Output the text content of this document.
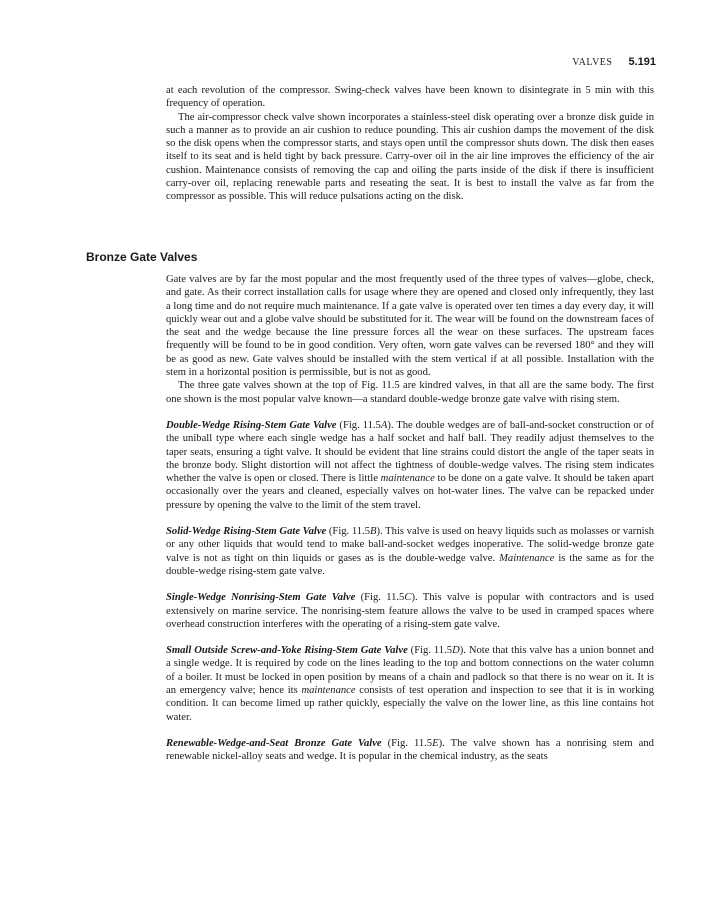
VALVES 5.191

at each revolution of the compressor. Swing-check valves have been known to disintegrate in 5 min with this frequency of operation.

The air-compressor check valve shown incorporates a stainless-steel disk operating over a bronze disk guide in such a manner as to provide an air cushion to reduce pounding. This air cushion damps the movement of the disk so the disk opens when the compressor starts, and stays open until the compressor shuts down. The disk then eases itself to its seat and is held tight by back pressure. Carry-over oil in the air line improves the efficiency of the air cushion. Maintenance consists of removing the cap and oiling the parts inside of the disk if there is insufficient carry-over oil, replacing renewable parts and reseating the seat. It is best to install the valve as far from the compressor as possible. This will reduce pulsations acting on the disk.

Bronze Gate Valves

Gate valves are by far the most popular and the most frequently used of the three types of valves—globe, check, and gate. As their correct installation calls for usage where they are opened and closed only infrequently, they last a long time and do not require much maintenance. If a gate valve is operated over ten times a day every day, it will quickly wear out and a globe valve should be substituted for it. The wear will be found on the downstream faces of the seat and the wedge because the line pressure forces all the wear on these surfaces. The upstream faces frequently will be found to be in good condition. Very often, worn gate valves can be reversed 180° and they will be as good as new. Gate valves should be installed with the stem vertical if at all possible. Installation with the stem in a horizontal position is permissible, but is not as good.

The three gate valves shown at the top of Fig. 11.5 are kindred valves, in that all are the same body. The first one shown is the most popular valve known—a standard double-wedge bronze gate valve with rising stem.

Double-Wedge Rising-Stem Gate Valve (Fig. 11.5A). The double wedges are of ball-and-socket construction or of the uniball type where each single wedge has a half socket and half ball. They readily adjust themselves to the taper seats, ensuring a tight valve. It should be evident that line strains could distort the angle of the taper seats in the bronze body. Slight distortion will not affect the tightness of double-wedge valves. The rising stem indicates whether the valve is open or closed. There is little maintenance to be done on a gate valve. It should be taken apart occasionally over the years and cleaned, especially valves on hot-water lines. The valve can be repacked under pressure by opening the valve to the limit of the stem travel.

Solid-Wedge Rising-Stem Gate Valve (Fig. 11.5B). This valve is used on heavy liquids such as molasses or varnish or any other liquids that would tend to make ball-and-socket wedges inoperative. The solid-wedge bronze gate valve is not as tight on thin liquids or gases as is the double-wedge valve. Maintenance is the same as for the double-wedge rising-stem gate valve.

Single-Wedge Nonrising-Stem Gate Valve (Fig. 11.5C). This valve is popular with contractors and is used extensively on marine service. The nonrising-stem feature allows the valve to be used in cramped spaces where overhead construction interferes with the operating of a rising-stem gate valve.

Small Outside Screw-and-Yoke Rising-Stem Gate Valve (Fig. 11.5D). Note that this valve has a union bonnet and a single wedge. It is required by code on the lines leading to the top and bottom connections on the water column of a boiler. It must be locked in open position by means of a chain and padlock so that there is no wear on it. It is an emergency valve; hence its maintenance consists of test operation and inspection to see that it is in working condition. It can become limed up rather quickly, especially the valve on the lower line, as this line contains hot water.

Renewable-Wedge-and-Seat Bronze Gate Valve (Fig. 11.5E). The valve shown has a nonrising stem and renewable nickel-alloy seats and wedge. It is popular in the chemical industry, as the seats
